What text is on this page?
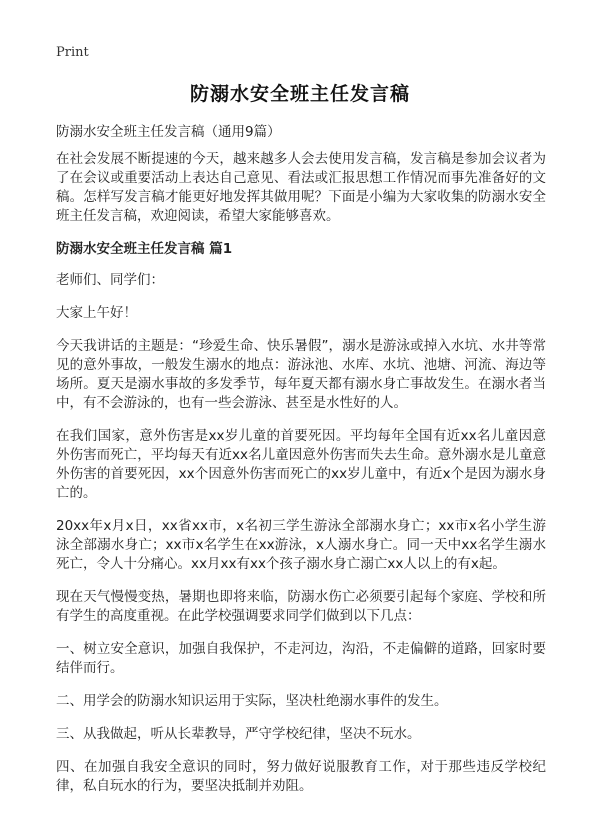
Print
防溺水安全班主任发言稿
防溺水安全班主任发言稿（通用9篇）

在社会发展不断提速的今天，越来越多人会去使用发言稿，发言稿是参加会议者为了在会议或重要活动上表达自己意见、看法或汇报思想工作情况而事先准备好的文稿。怎样写发言稿才能更好地发挥其做用呢？下面是小编为大家收集的防溺水安全班主任发言稿，欢迎阅读，希望大家能够喜欢。

防溺水安全班主任发言稿 篇1

老师们、同学们：

大家上午好！

今天我讲话的主题是：“珍爱生命、快乐暑假”，溺水是游泳或掉入水坑、水井等常见的意外事故，一般发生溺水的地点：游泳池、水库、水坑、池塘、河流、海边等场所。夏天是溺水事故的多发季节，每年夏天都有溺水身亡事故发生。在溺水者当中，有不会游泳的，也有一些会游泳、甚至是水性好的人。

在我们国家，意外伤害是xx岁儿童的首要死因。平均每年全国有近xx名儿童因意外伤害而死亡，平均每天有近xx名儿童因意外伤害而失去生命。意外溺水是儿童意外伤害的首要死因，xx个因意外伤害而死亡的xx岁儿童中，有近x个是因为溺水身亡的。

20xx年x月x日，xx省xx市，x名初三学生游泳全部溺水身亡；xx市x名小学生游泳全部溺水身亡；xx市x名学生在xx游泳，x人溺水身亡。同一天中xx名学生溺水死亡，令人十分痛心。xx月xx有xx个孩子溺水身亡溺亡xx人以上的有x起。

现在天气慢慢变热，暑期也即将来临，防溺水伤亡必须要引起每个家庭、学校和所有学生的高度重视。在此学校强调要求同学们做到以下几点：

一、树立安全意识，加强自我保护，不走河边，沟沿，不走偏僻的道路，回家时要结伴而行。

二、用学会的防溺水知识运用于实际，坚决杜绝溺水事件的发生。

三、从我做起，听从长辈教导，严守学校纪律，坚决不玩水。

四、在加强自我安全意识的同时，努力做好说服教育工作，对于那些违反学校纪律，私自玩水的行为，要坚决抵制并劝阻。
